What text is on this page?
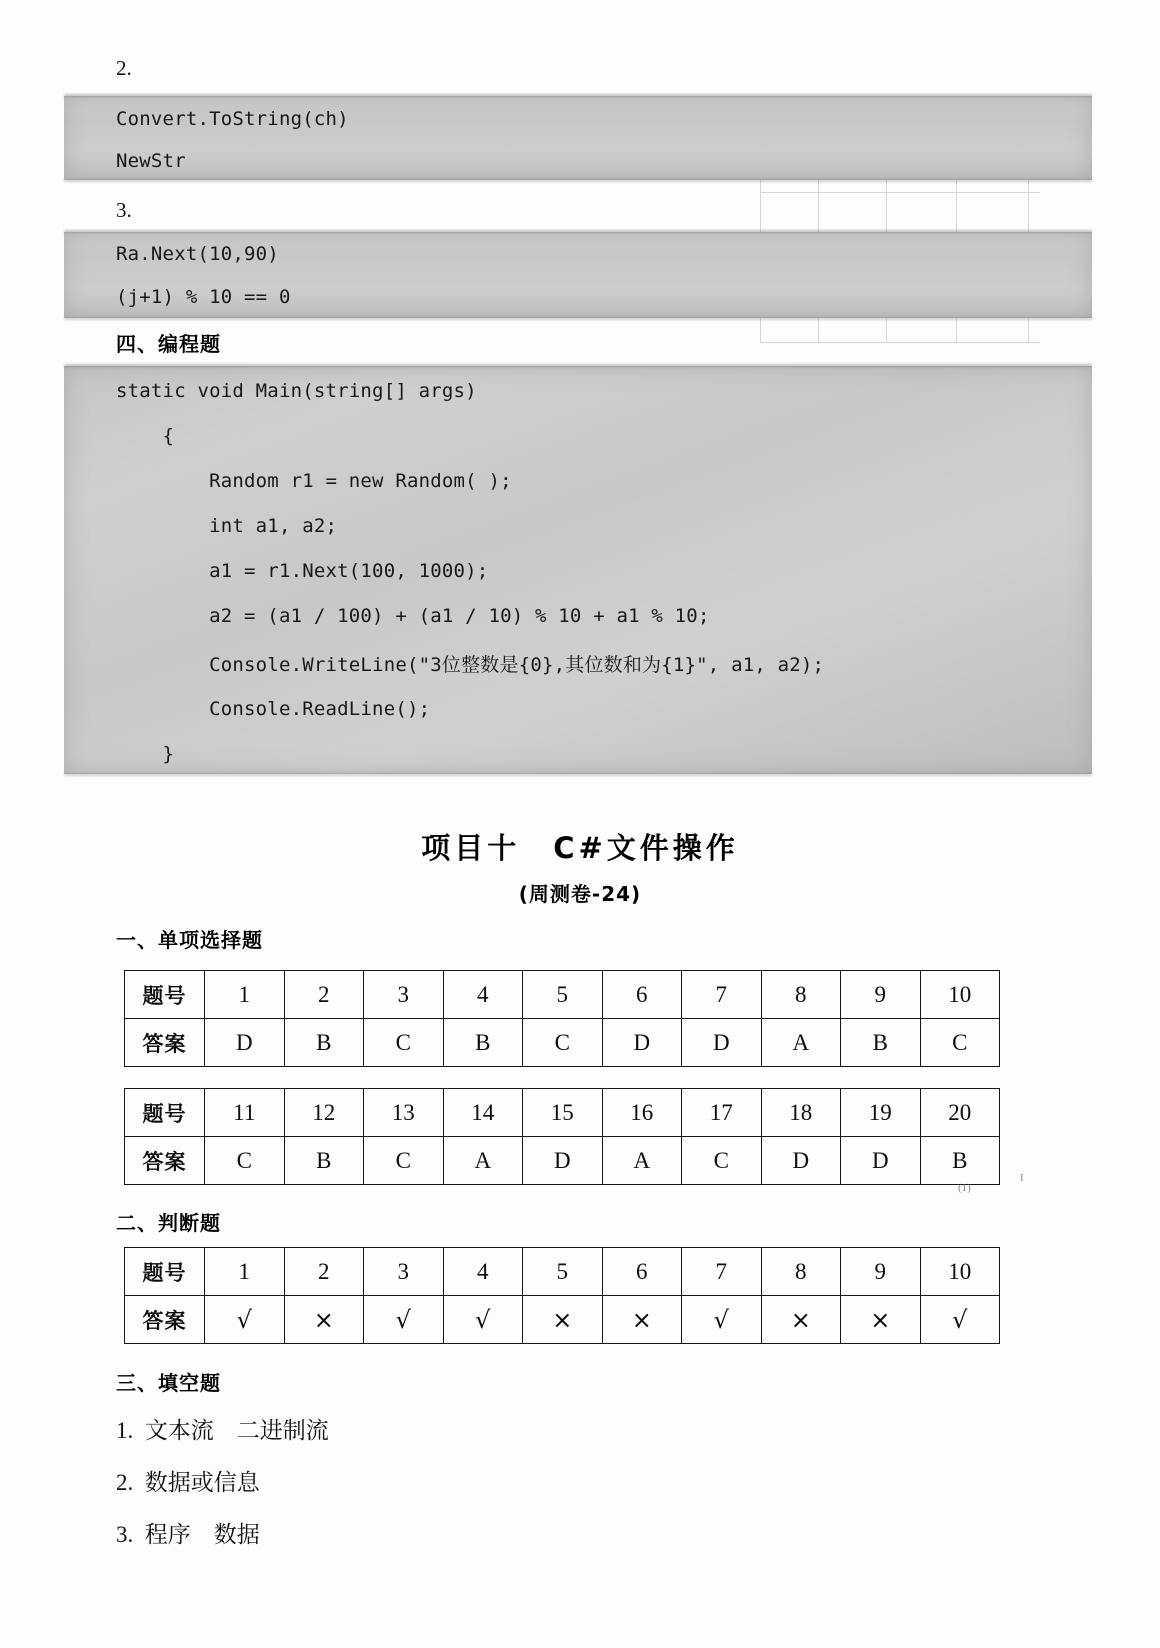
2.
Convert.ToString(ch)
NewStr
3.
Ra.Next(10,90)
(j+1) % 10 == 0
四、编程题
static void Main(string[] args)
{
Random r1 = new Random( );
int a1, a2;
a1 = r1.Next(100, 1000);
a2 = (a1 / 100) + (a1 / 10) % 10 + a1 % 10;
Console.WriteLine("3位整数是{0},其位数和为{1}", a1, a2);
Console.ReadLine();
}
项目十　C#文件操作
(周测卷-24)
一、单项选择题
题号	1	2	3	4	5	6	7	8	9	10
答案	D	B	C	B	C	D	D	A	B	C
题号	11	12	13	14	15	16	17	18	19	20
答案	C	B	C	A	D	A	C	D	D	B
(1)
I
二、判断题
题号	1	2	3	4	5	6	7	8	9	10
答案	√	×	√	√	×	×	√	×	×	√
三、填空题
1.  文本流    二进制流
2.  数据或信息
3.  程序    数据
